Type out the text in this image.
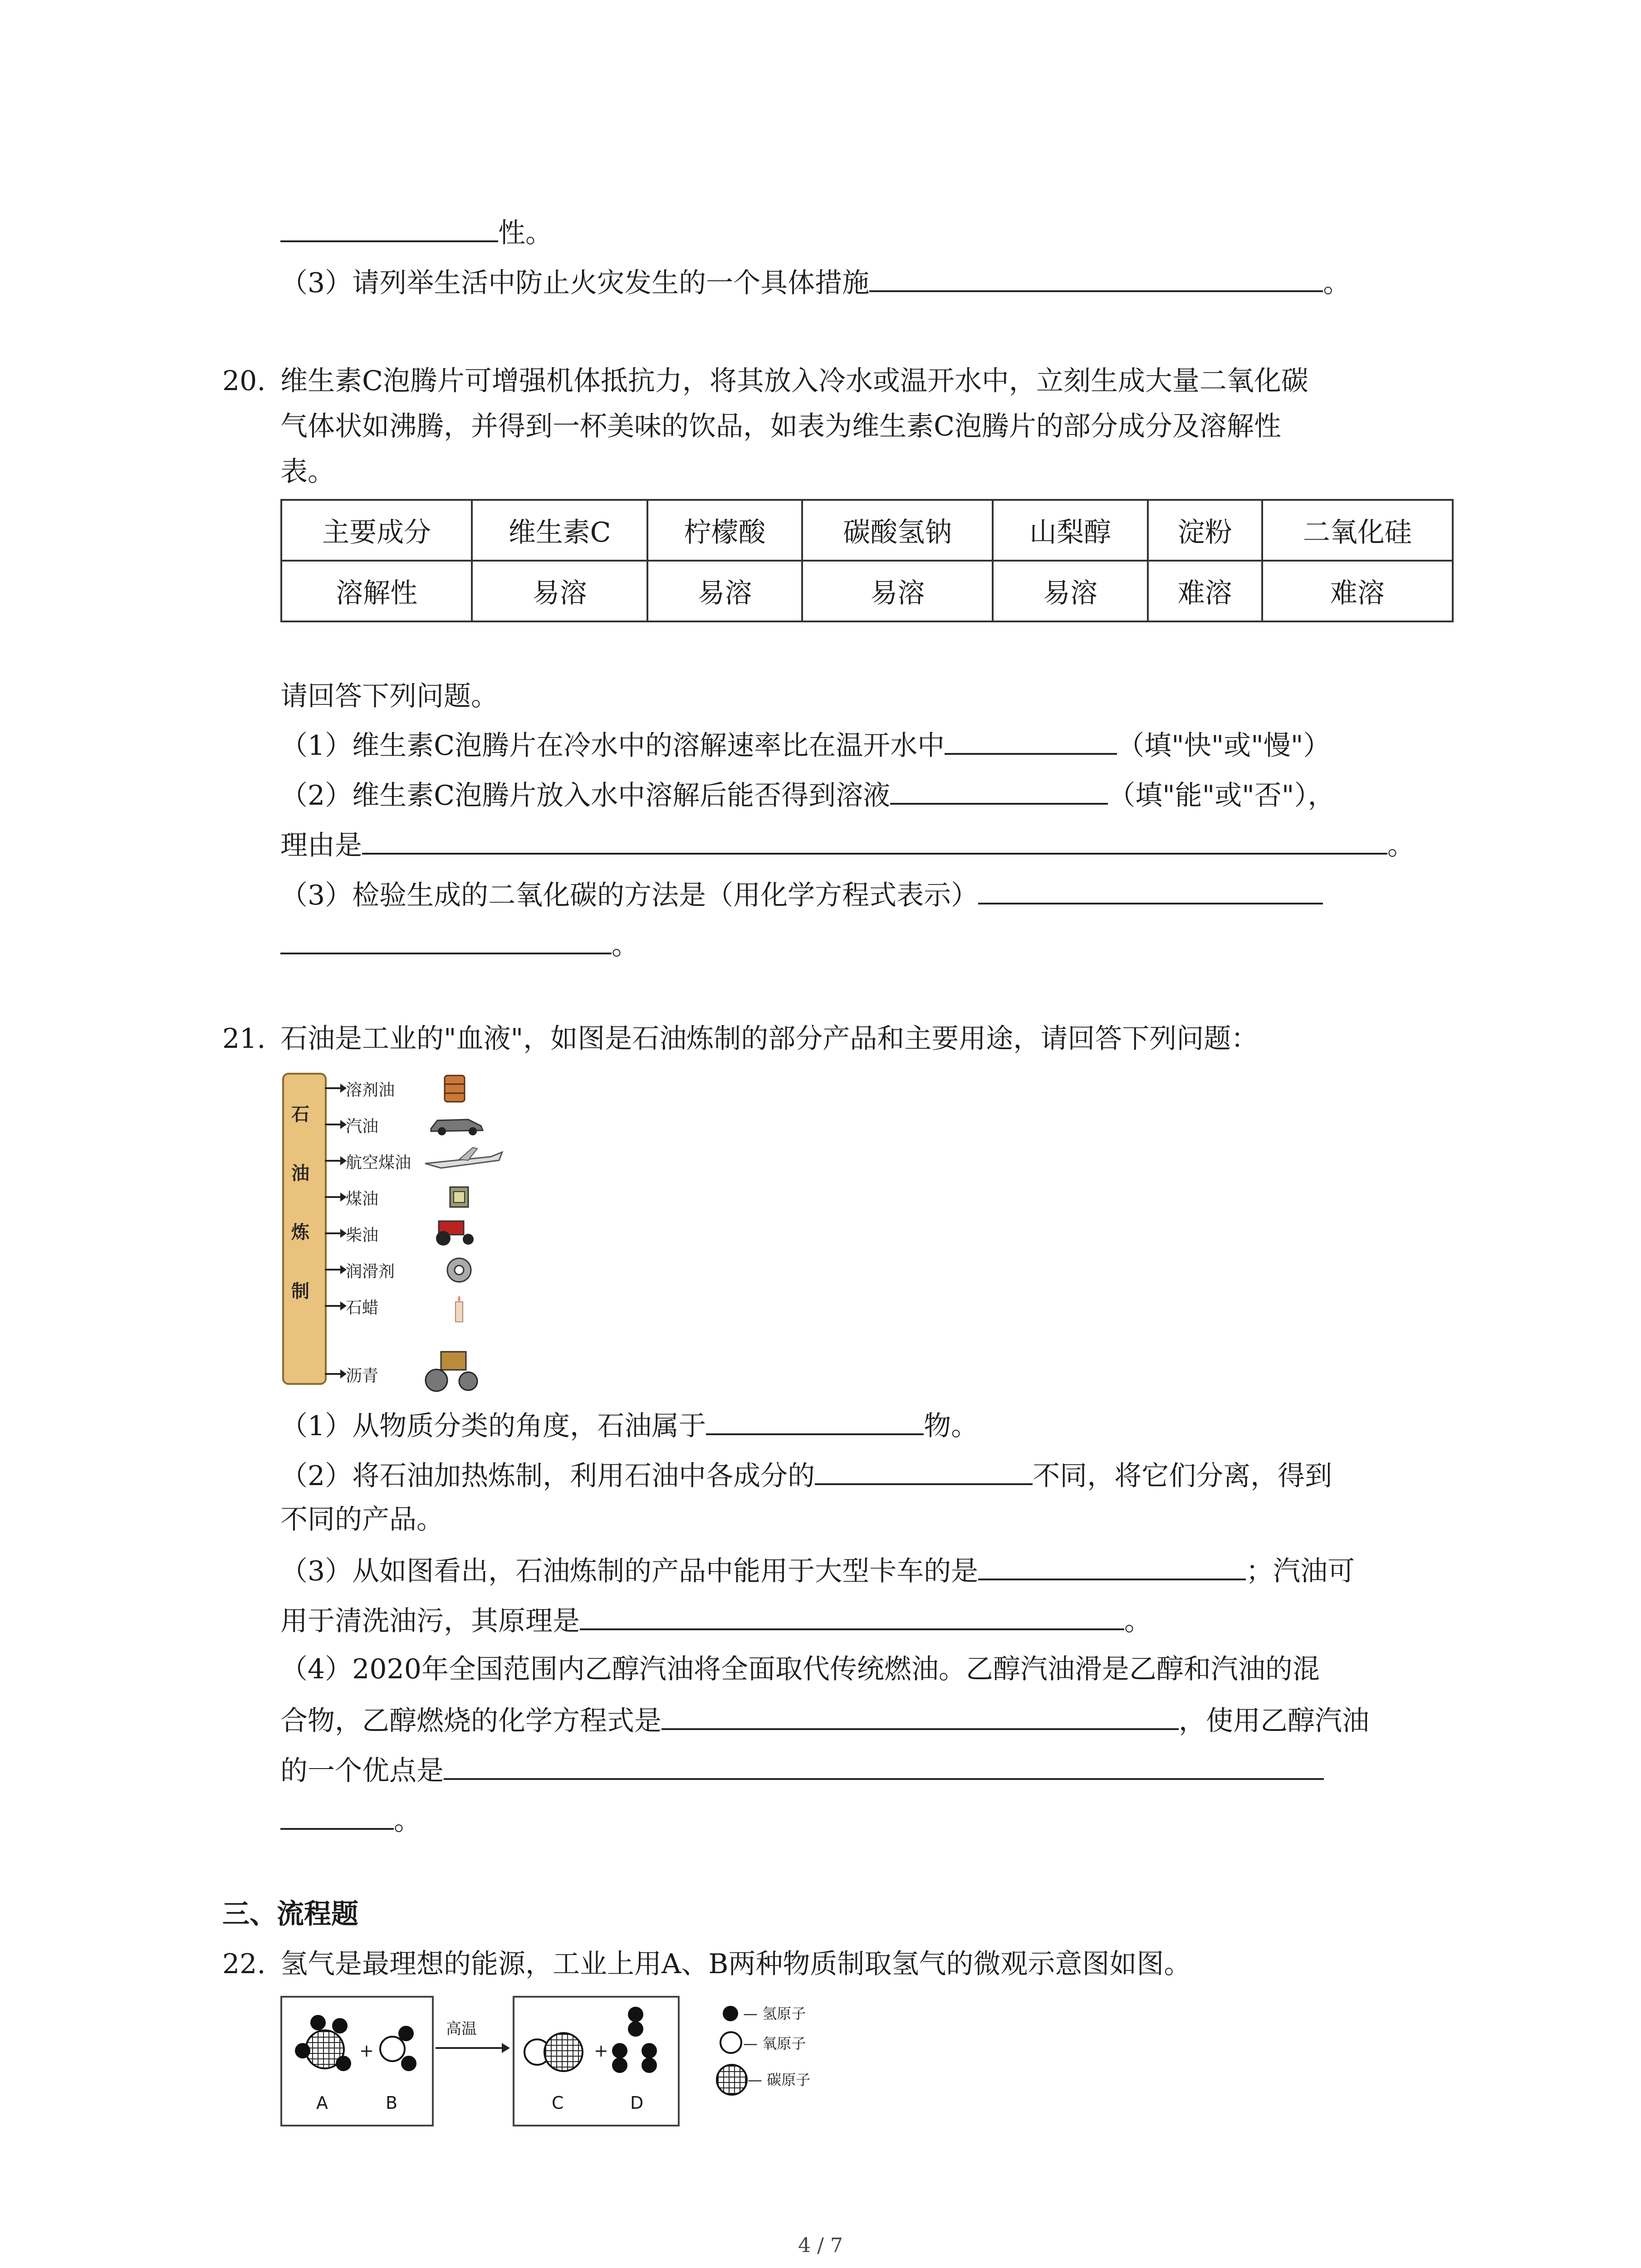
性。
（3）请列举生活中防止火灾发生的一个具体措施	。
20. 维生素C泡腾片可增强机体抵抗力，将其放入冷水或温开水中，立刻生成大量二氧化碳
气体状如沸腾，并得到一杯美味的饮品，如表为维生素C泡腾片的部分成分及溶解性
表。
主要成分	维生素C	柠檬酸	碳酸氢钠	山梨醇	淀粉	二氧化硅
溶解性	易溶	易溶	易溶	易溶	难溶	难溶
请回答下列问题。
（1）维生素C泡腾片在冷水中的溶解速率比在温开水中	（填"快"或"慢"）
（2）维生素C泡腾片放入水中溶解后能否得到溶液	（填"能"或"否"），
理由是	。
（3）检验生成的二氧化碳的方法是（用化学方程式表示）
。
21. 石油是工业的"血液"，如图是石油炼制的部分产品和主要用途，请回答下列问题：
石
油
炼
制
溶剂油
汽油
航空煤油
煤油
柴油
润滑剂
石蜡
沥青
（1）从物质分类的角度，石油属于	物。
（2）将石油加热炼制，利用石油中各成分的	不同，将它们分离，得到
不同的产品。
（3）从如图看出，石油炼制的产品中能用于大型卡车的是	；汽油可
用于清洗油污，其原理是	。
（4）2020年全国范围内乙醇汽油将全面取代传统燃油。乙醇汽油滑是乙醇和汽油的混
合物，乙醇燃烧的化学方程式是	，使用乙醇汽油
的一个优点是
。
三、流程题
22. 氢气是最理想的能源，工业上用A、B两种物质制取氢气的微观示意图如图。
+
A	B
高温
+
C	D
— 氢原子
— 氧原子
— 碳原子
4 / 7
